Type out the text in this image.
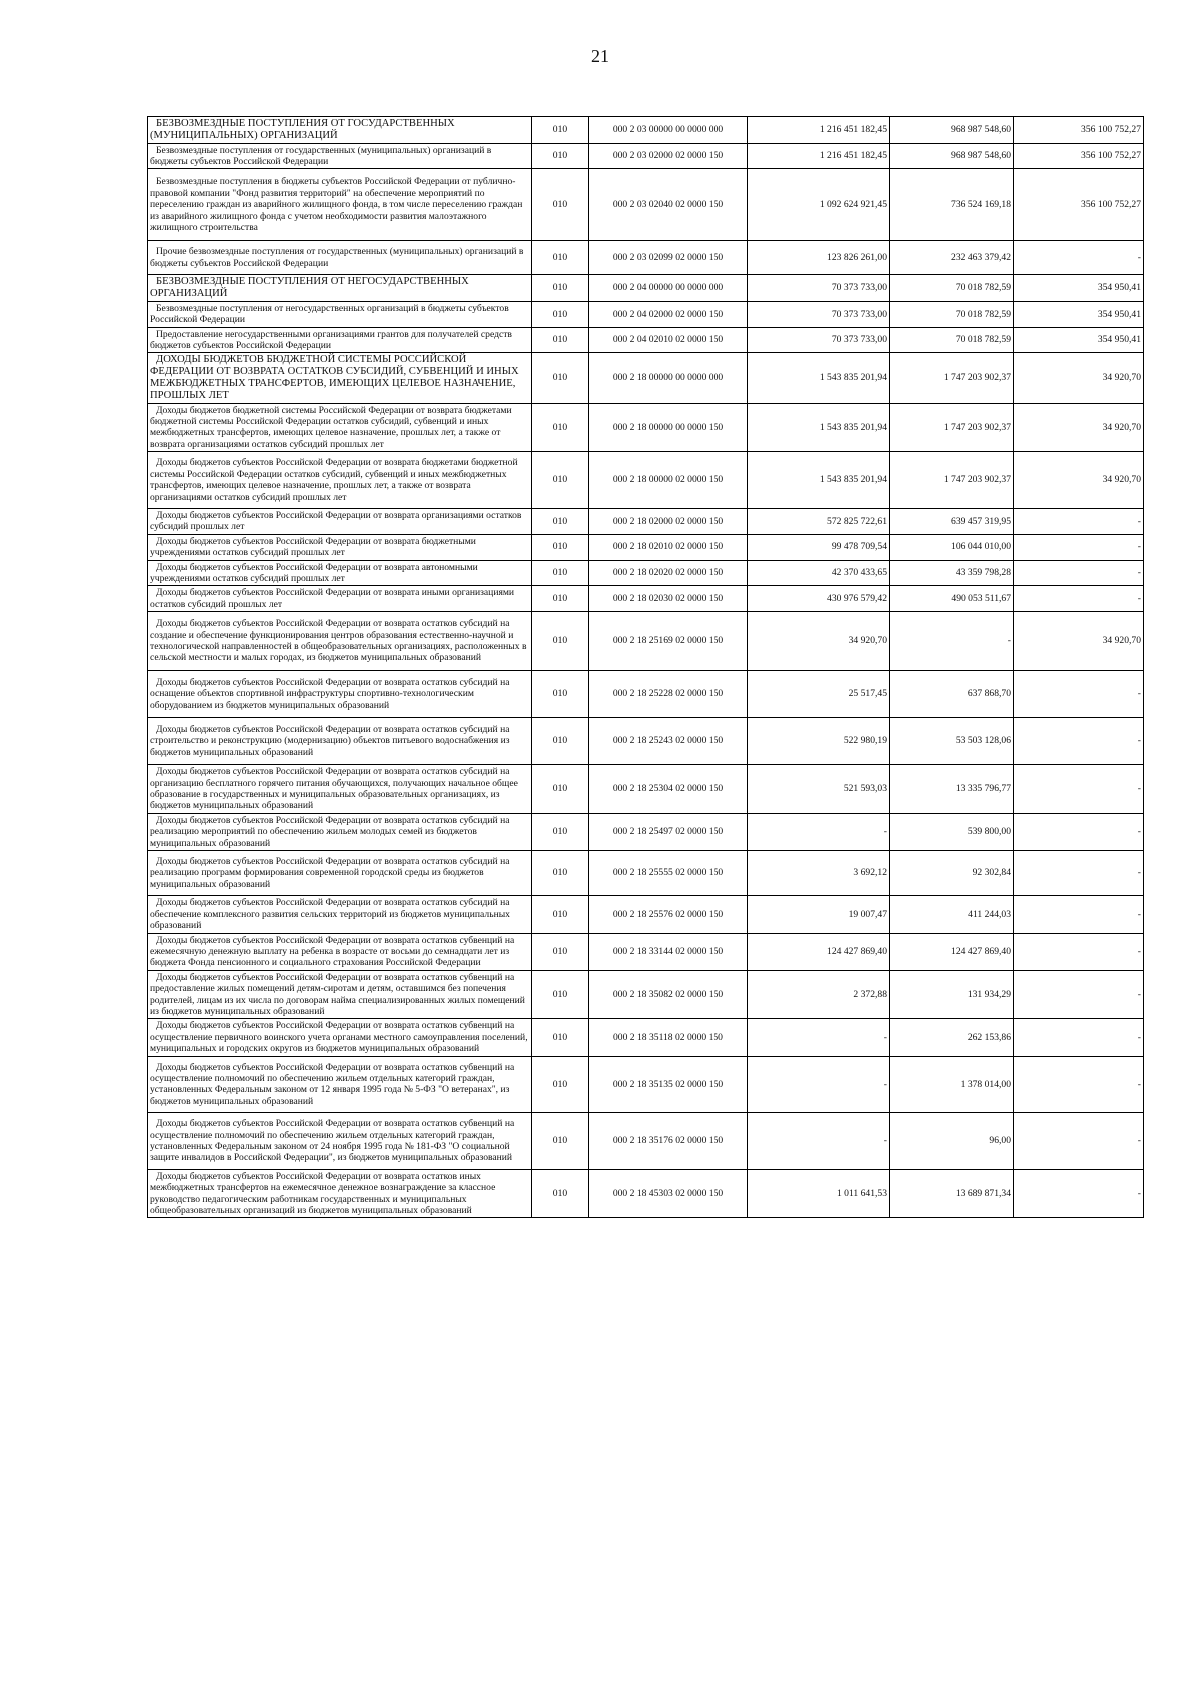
21
БЕЗВОЗМЕЗДНЫЕ ПОСТУПЛЕНИЯ ОТ ГОСУДАРСТВЕННЫХ (МУНИЦИПАЛЬНЫХ) ОРГАНИЗАЦИЙ	010	000 2 03 00000 00 0000 000	1 216 451 182,45	968 987 548,60	356 100 752,27

Безвозмездные поступления от государственных (муниципальных) организаций в бюджеты субъектов Российской Федерации	010	000 2 03 02000 02 0000 150	1 216 451 182,45	968 987 548,60	356 100 752,27

Безвозмездные поступления в бюджеты субъектов Российской Федерации от публично-правовой компании "Фонд развития территорий" на обеспечение мероприятий по переселению граждан из аварийного жилищного фонда, в том числе переселению граждан из аварийного жилищного фонда с учетом необходимости развития малоэтажного жилищного строительства	010	000 2 03 02040 02 0000 150	1 092 624 921,45	736 524 169,18	356 100 752,27

Прочие безвозмездные поступления от государственных (муниципальных) организаций в бюджеты субъектов Российской Федерации	010	000 2 03 02099 02 0000 150	123 826 261,00	232 463 379,42	-

БЕЗВОЗМЕЗДНЫЕ ПОСТУПЛЕНИЯ ОТ НЕГОСУДАРСТВЕННЫХ ОРГАНИЗАЦИЙ	010	000 2 04 00000 00 0000 000	70 373 733,00	70 018 782,59	354 950,41

Безвозмездные поступления от негосударственных организаций в бюджеты субъектов Российской Федерации	010	000 2 04 02000 02 0000 150	70 373 733,00	70 018 782,59	354 950,41

Предоставление негосударственными организациями грантов для получателей средств бюджетов субъектов Российской Федерации	010	000 2 04 02010 02 0000 150	70 373 733,00	70 018 782,59	354 950,41

ДОХОДЫ БЮДЖЕТОВ БЮДЖЕТНОЙ СИСТЕМЫ РОССИЙСКОЙ ФЕДЕРАЦИИ ОТ ВОЗВРАТА ОСТАТКОВ СУБСИДИЙ, СУБВЕНЦИЙ И ИНЫХ МЕЖБЮДЖЕТНЫХ ТРАНСФЕРТОВ, ИМЕЮЩИХ ЦЕЛЕВОЕ НАЗНАЧЕНИЕ, ПРОШЛЫХ ЛЕТ	010	000 2 18 00000 00 0000 000	1 543 835 201,94	1 747 203 902,37	34 920,70

Доходы бюджетов бюджетной системы Российской Федерации от возврата бюджетами бюджетной системы Российской Федерации остатков субсидий, субвенций и иных межбюджетных трансфертов, имеющих целевое назначение, прошлых лет, а также от возврата организациями остатков субсидий прошлых лет	010	000 2 18 00000 00 0000 150	1 543 835 201,94	1 747 203 902,37	34 920,70

Доходы бюджетов субъектов Российской Федерации от возврата бюджетами бюджетной системы Российской Федерации остатков субсидий, субвенций и иных межбюджетных трансфертов, имеющих целевое назначение, прошлых лет, а также от возврата организациями остатков субсидий прошлых лет	010	000 2 18 00000 02 0000 150	1 543 835 201,94	1 747 203 902,37	34 920,70

Доходы бюджетов субъектов Российской Федерации от возврата организациями остатков субсидий прошлых лет	010	000 2 18 02000 02 0000 150	572 825 722,61	639 457 319,95	-

Доходы бюджетов субъектов Российской Федерации от возврата бюджетными учреждениями остатков субсидий прошлых лет	010	000 2 18 02010 02 0000 150	99 478 709,54	106 044 010,00	-

Доходы бюджетов субъектов Российской Федерации от возврата автономными учреждениями остатков субсидий прошлых лет	010	000 2 18 02020 02 0000 150	42 370 433,65	43 359 798,28	-

Доходы бюджетов субъектов Российской Федерации от возврата иными организациями остатков субсидий прошлых лет	010	000 2 18 02030 02 0000 150	430 976 579,42	490 053 511,67	-

Доходы бюджетов субъектов Российской Федерации от возврата остатков субсидий на создание и обеспечение функционирования центров образования естественно-научной и технологической направленностей в общеобразовательных организациях, расположенных в сельской местности и малых городах, из бюджетов муниципальных образований	010	000 2 18 25169 02 0000 150	34 920,70	-	34 920,70

Доходы бюджетов субъектов Российской Федерации от возврата остатков субсидий на оснащение объектов спортивной инфраструктуры спортивно-технологическим оборудованием из бюджетов муниципальных образований	010	000 2 18 25228 02 0000 150	25 517,45	637 868,70	-

Доходы бюджетов субъектов Российской Федерации от возврата остатков субсидий на строительство и реконструкцию (модернизацию) объектов питьевого водоснабжения из бюджетов муниципальных образований	010	000 2 18 25243 02 0000 150	522 980,19	53 503 128,06	-

Доходы бюджетов субъектов Российской Федерации от возврата остатков субсидий на организацию бесплатного горячего питания обучающихся, получающих начальное общее образование в государственных и муниципальных образовательных организациях, из бюджетов муниципальных образований	010	000 2 18 25304 02 0000 150	521 593,03	13 335 796,77	-

Доходы бюджетов субъектов Российской Федерации от возврата остатков субсидий на реализацию мероприятий по обеспечению жильем молодых семей из бюджетов муниципальных образований	010	000 2 18 25497 02 0000 150	-	539 800,00	-

Доходы бюджетов субъектов Российской Федерации от возврата остатков субсидий на реализацию программ формирования современной городской среды из бюджетов муниципальных образований	010	000 2 18 25555 02 0000 150	3 692,12	92 302,84	-

Доходы бюджетов субъектов Российской Федерации от возврата остатков субсидий на обеспечение комплексного развития сельских территорий из бюджетов муниципальных образований	010	000 2 18 25576 02 0000 150	19 007,47	411 244,03	-

Доходы бюджетов субъектов Российской Федерации от возврата остатков субвенций на ежемесячную денежную выплату на ребенка в возрасте от восьми до семнадцати лет из бюджета Фонда пенсионного и социального страхования Российской Федерации	010	000 2 18 33144 02 0000 150	124 427 869,40	124 427 869,40	-

Доходы бюджетов субъектов Российской Федерации от возврата остатков субвенций на предоставление жилых помещений детям-сиротам и детям, оставшимся без попечения родителей, лицам из их числа по договорам найма специализированных жилых помещений из бюджетов муниципальных образований	010	000 2 18 35082 02 0000 150	2 372,88	131 934,29	-

Доходы бюджетов субъектов Российской Федерации от возврата остатков субвенций на осуществление первичного воинского учета органами местного самоуправления поселений, муниципальных и городских округов из бюджетов муниципальных образований	010	000 2 18 35118 02 0000 150	-	262 153,86	-

Доходы бюджетов субъектов Российской Федерации от возврата остатков субвенций на осуществление полномочий по обеспечению жильем отдельных категорий граждан, установленных Федеральным законом от 12 января 1995 года № 5-ФЗ "О ветеранах", из бюджетов муниципальных образований	010	000 2 18 35135 02 0000 150	-	1 378 014,00	-

Доходы бюджетов субъектов Российской Федерации от возврата остатков субвенций на осуществление полномочий по обеспечению жильем отдельных категорий граждан, установленных Федеральным законом от 24 ноября 1995 года № 181-ФЗ "О социальной защите инвалидов в Российской Федерации", из бюджетов муниципальных образований	010	000 2 18 35176 02 0000 150	-	96,00	-

Доходы бюджетов субъектов Российской Федерации от возврата остатков иных межбюджетных трансфертов на ежемесячное денежное вознаграждение за классное руководство педагогическим работникам государственных и муниципальных общеобразовательных организаций из бюджетов муниципальных образований	010	000 2 18 45303 02 0000 150	1 011 641,53	13 689 871,34	-
